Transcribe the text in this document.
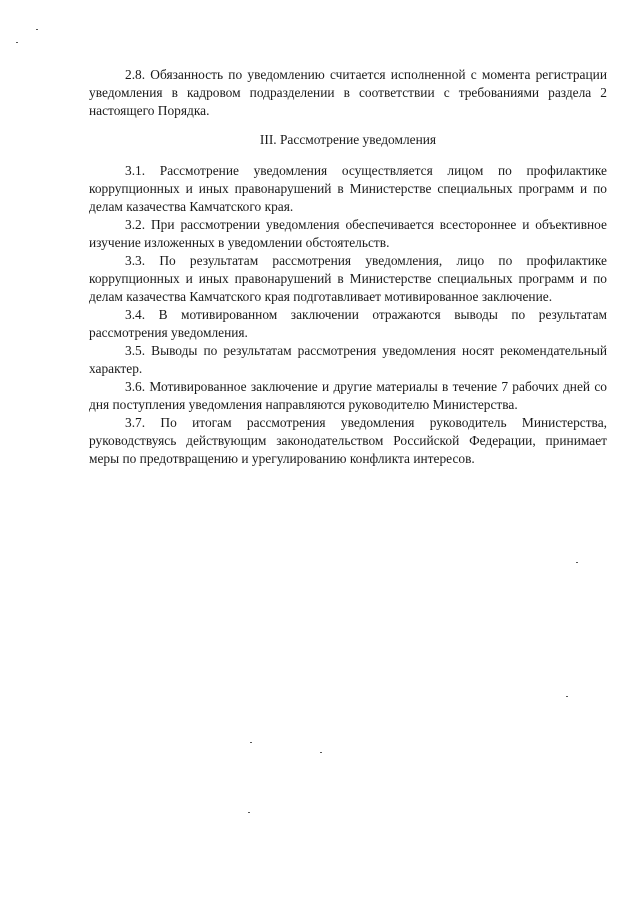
2.8. Обязанность по уведомлению считается исполненной с момента регистрации уведомления в кадровом подразделении в соответствии с требованиями раздела 2 настоящего Порядка.

III. Рассмотрение уведомления

3.1. Рассмотрение уведомления осуществляется лицом по профилактике коррупционных и иных правонарушений в Министерстве специальных программ и по делам казачества Камчатского края.

3.2. При рассмотрении уведомления обеспечивается всестороннее и объективное изучение изложенных в уведомлении обстоятельств.

3.3. По результатам рассмотрения уведомления, лицо по профилактике коррупционных и иных правонарушений в Министерстве специальных программ и по делам казачества Камчатского края подготавливает мотивированное заключение.

3.4. В мотивированном заключении отражаются выводы по результатам рассмотрения уведомления.

3.5. Выводы по результатам рассмотрения уведомления носят рекомендательный характер.

3.6. Мотивированное заключение и другие материалы в течение 7 рабочих дней со дня поступления уведомления направляются руководителю Министерства.

3.7. По итогам рассмотрения уведомления руководитель Министерства, руководствуясь действующим законодательством Российской Федерации, принимает меры по предотвращению и урегулированию конфликта интересов.
